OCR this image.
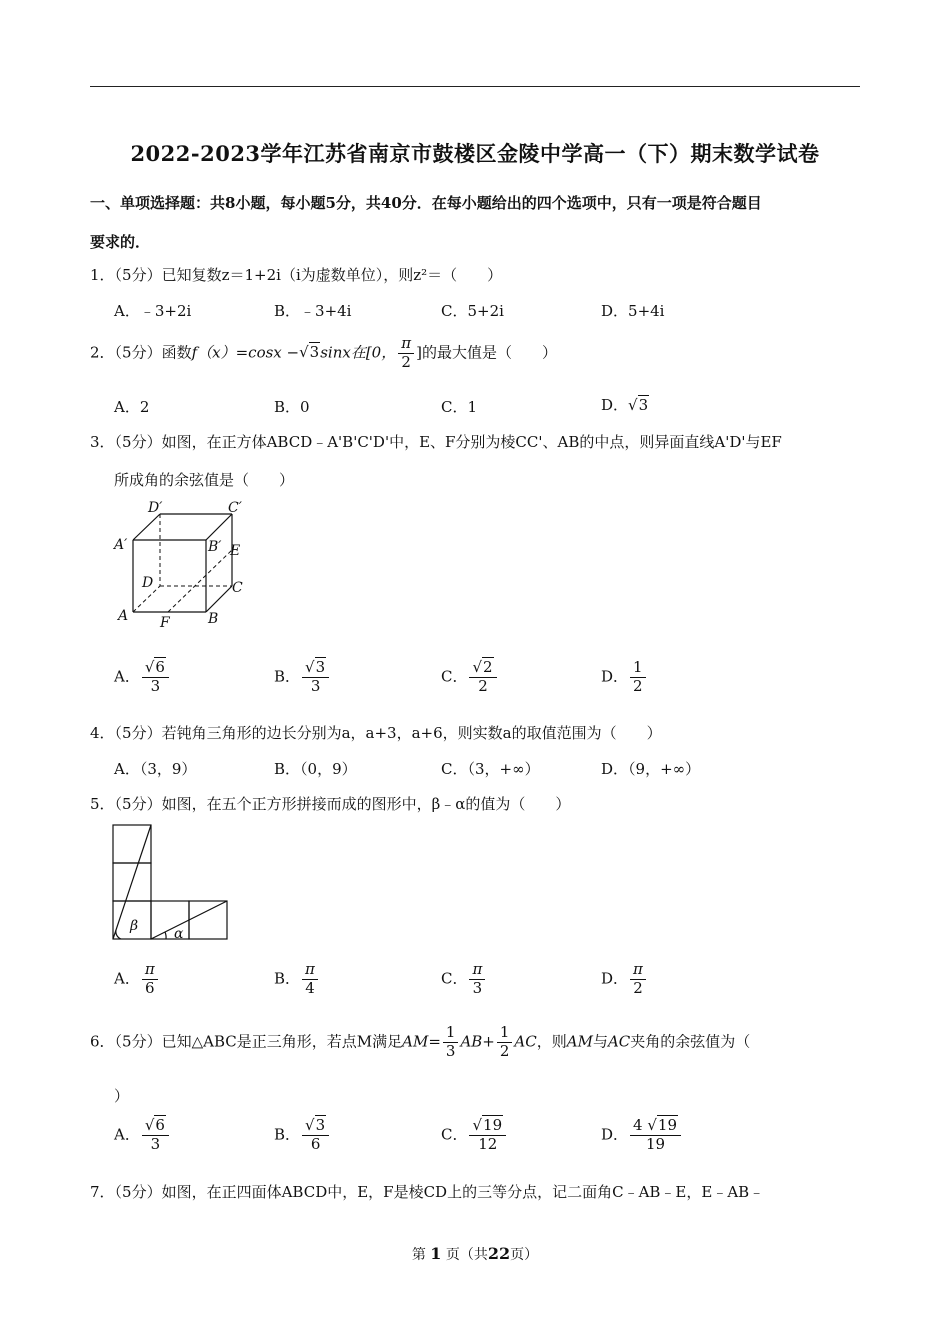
2022-2023学年江苏省南京市鼓楼区金陵中学高一（下）期末数学试卷
一、单项选择题：共8小题，每小题5分，共40分．在每小题给出的四个选项中，只有一项是符合题目
要求的．
1．（5分）已知复数z＝1+2i（i为虚数单位），则z²＝（　　）
A．﹣3+2i	B．﹣3+4i	C．5+2i	D．5+4i
2．（5分）函数f（x）=cosx −√3sinx在[0， $\frac{\pi}{2}$ ]的最大值是（　　）
A．2	B．0	C．1	D．√3
3．（5分）如图，在正方体ABCD﹣A'B'C'D'中，E、F分别为棱CC'、AB的中点，则异面直线A'D'与EF
所成角的余弦值是（　　）
D′	C′
A′	B′ E
D	C
A F	B
A． $\frac{√6}{3}$	B． $\frac{√3}{3}$	C． $\frac{√2}{2}$	D． $\frac{1}{2}$
4．（5分）若钝角三角形的边长分别为a，a+3，a+6，则实数a的取值范围为（　　）
A．（3，9）	B．（0，9）	C．（3，+∞）	D．（9，+∞）
5．（5分）如图，在五个正方形拼接而成的图形中，β﹣α的值为（　　）
β	α
A． $\frac{\pi}{6}$	B． $\frac{\pi}{4}$	C． $\frac{\pi}{3}$	D． $\frac{\pi}{2}$
6．（5分）已知△ABC是正三角形，若点M满足$AM= \frac{1}{3} AB+ \frac{1}{2}$ AC，则AM与AC夹角的余弦值为（
）
A． $\frac{√6}{3}$	B． $\frac{√3}{6}$	C． $\frac{√19}{12}$	D． $\frac{4 √19}{19}$
7．（5分）如图，在正四面体ABCD中，E，F是棱CD上的三等分点，记二面角C﹣AB﹣E，E﹣AB﹣
第 1 页（共22页）
